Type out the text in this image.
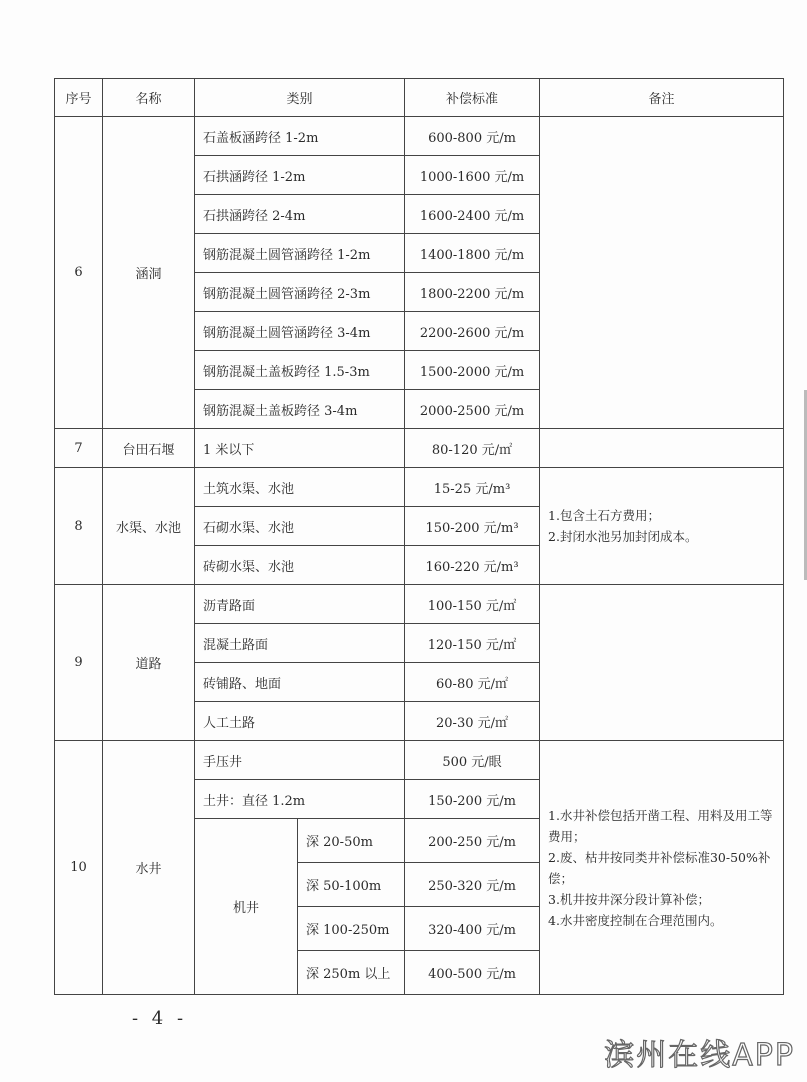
序号	名称	类别		补偿标准	备注
6	涵洞	石盖板涵跨径 1-2m		600-800 元/m	
		石拱涵跨径 1-2m		1000-1600 元/m	
		石拱涵跨径 2-4m		1600-2400 元/m	
		钢筋混凝土圆管涵跨径 1-2m		1400-1800 元/m	
		钢筋混凝土圆管涵跨径 2-3m		1800-2200 元/m	
		钢筋混凝土圆管涵跨径 3-4m		2200-2600 元/m	
		钢筋混凝土盖板跨径 1.5-3m		1500-2000 元/m	
		钢筋混凝土盖板跨径 3-4m		2000-2500 元/m	
7	台田石堰	1 米以下		80-120 元/㎡	
8	水渠、水池	土筑水渠、水池		15-25 元/m³	1.包含土石方费用；
2.封闭水池另加封闭成本。

		石砌水渠、水池		150-200 元/m³	
		砖砌水渠、水池		160-220 元/m³	
9	道路	沥青路面		100-150 元/㎡	
		混凝土路面		120-150 元/㎡	
		砖铺路、地面		60-80 元/㎡	
		人工土路		20-30 元/㎡	
10	水井	手压井		500 元/眼	1.水井补偿包括开凿工程、用料及用工等费用；
2.废、枯井按同类井补偿标准30-50%补偿；
3.机井按井深分段计算补偿；
4.水井密度控制在合理范围内。

		土井：直径 1.2m		150-200 元/m	
		机井	深 20-50m	200-250 元/m	
			深 50-100m	250-320 元/m	
			深 100-250m	320-400 元/m	
			深 250m 以上	400-500 元/m	
- 4 -
滨州在线APP
